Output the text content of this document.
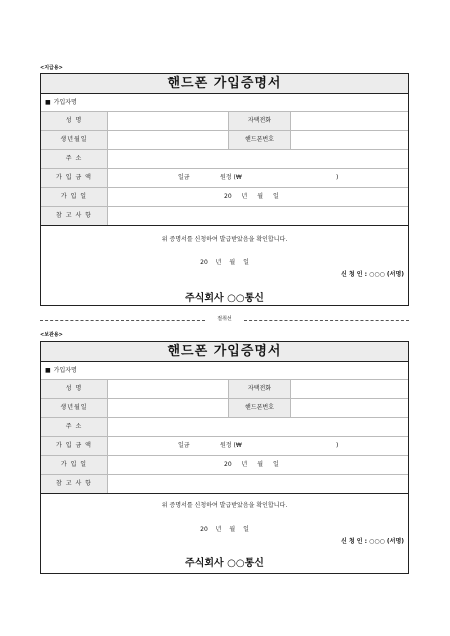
<지급용>
핸드폰 가입증명서
■ 가입자명
성 명	자택전화
생년월일	핸드폰번호
주 소
가 입 금 액	일금	원정 (₩	)
가 입 일	20 년 월 일
참 고 사 항
위 증명서를 신청하여 발급받았음을 확인합니다.
20 년 월 일
신 청 인 : ○○○ (서명)
주식회사 ○○통신
절취선
<보관용>
핸드폰 가입증명서
■ 가입자명
성 명	자택전화
생년월일	핸드폰번호
주 소
가 입 금 액	일금	원정 (₩	)
가 입 일	20 년 월 일
참 고 사 항
위 증명서를 신청하여 발급받았음을 확인합니다.
20 년 월 일
신 청 인 : ○○○ (서명)
주식회사 ○○통신
